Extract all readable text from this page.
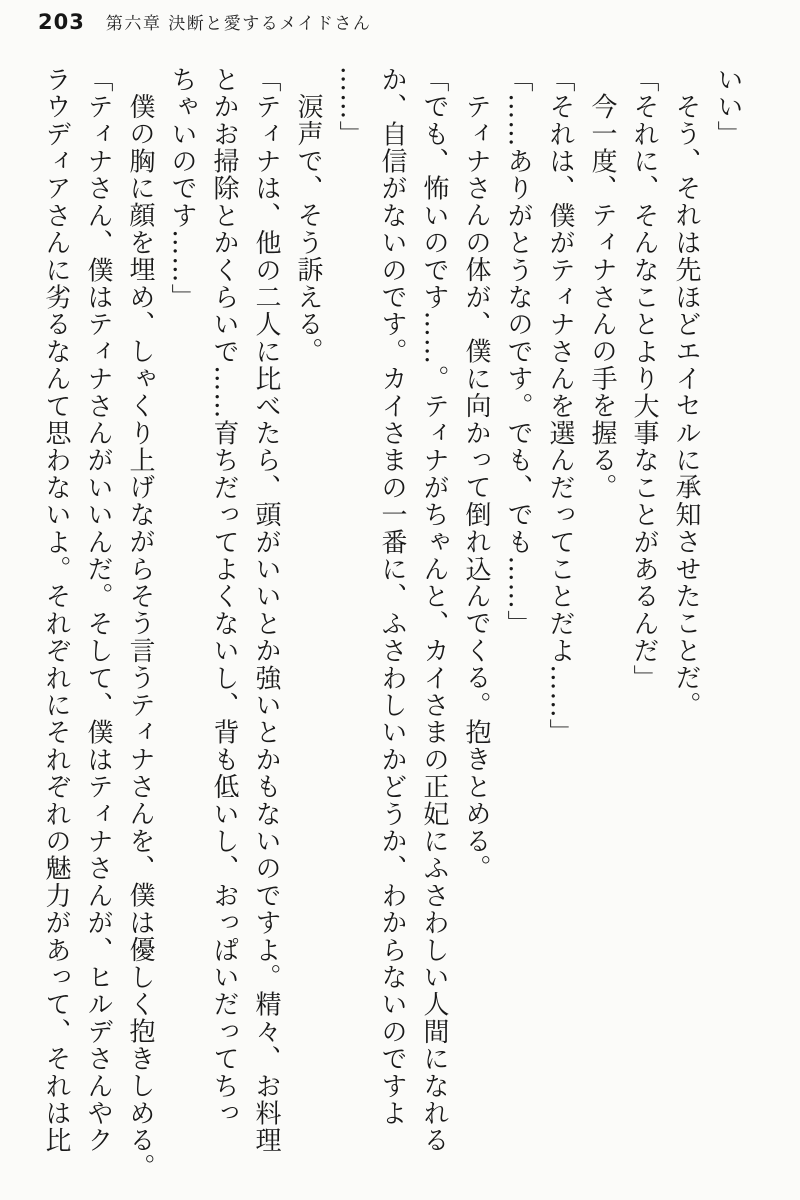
203 第六章 決断と愛するメイドさん
いい」
そう、それは先ほどエイセルに承知させたことだ。
「それに、そんなことより大事なことがあるんだ」
今一度、ティナさんの手を握る。
「それは、僕がティナさんを選んだってことだよ……」
「……ありがとうなのです。でも、でも……」
ティナさんの体が、僕に向かって倒れ込んでくる。抱きとめる。
「でも、怖いのです……。ティナがちゃんと、カイさまの正妃にふさわしい人間になれる
か、自信がないのです。カイさまの一番に、ふさわしいかどうか、わからないのですよ
……」
涙声で、そう訴える。
「ティナは、他の二人に比べたら、頭がいいとか強いとかもないのですよ。精々、お料理
とかお掃除とかくらいで……育ちだってよくないし、背も低いし、おっぱいだってちっ
ちゃいのです……」
僕の胸に顔を埋め、しゃくり上げながらそう言うティナさんを、僕は優しく抱きしめる。
「ティナさん、僕はティナさんがいいんだ。そして、僕はティナさんが、ヒルデさんやク
ラウディアさんに劣るなんて思わないよ。それぞれにそれぞれの魅力があって、それは比
